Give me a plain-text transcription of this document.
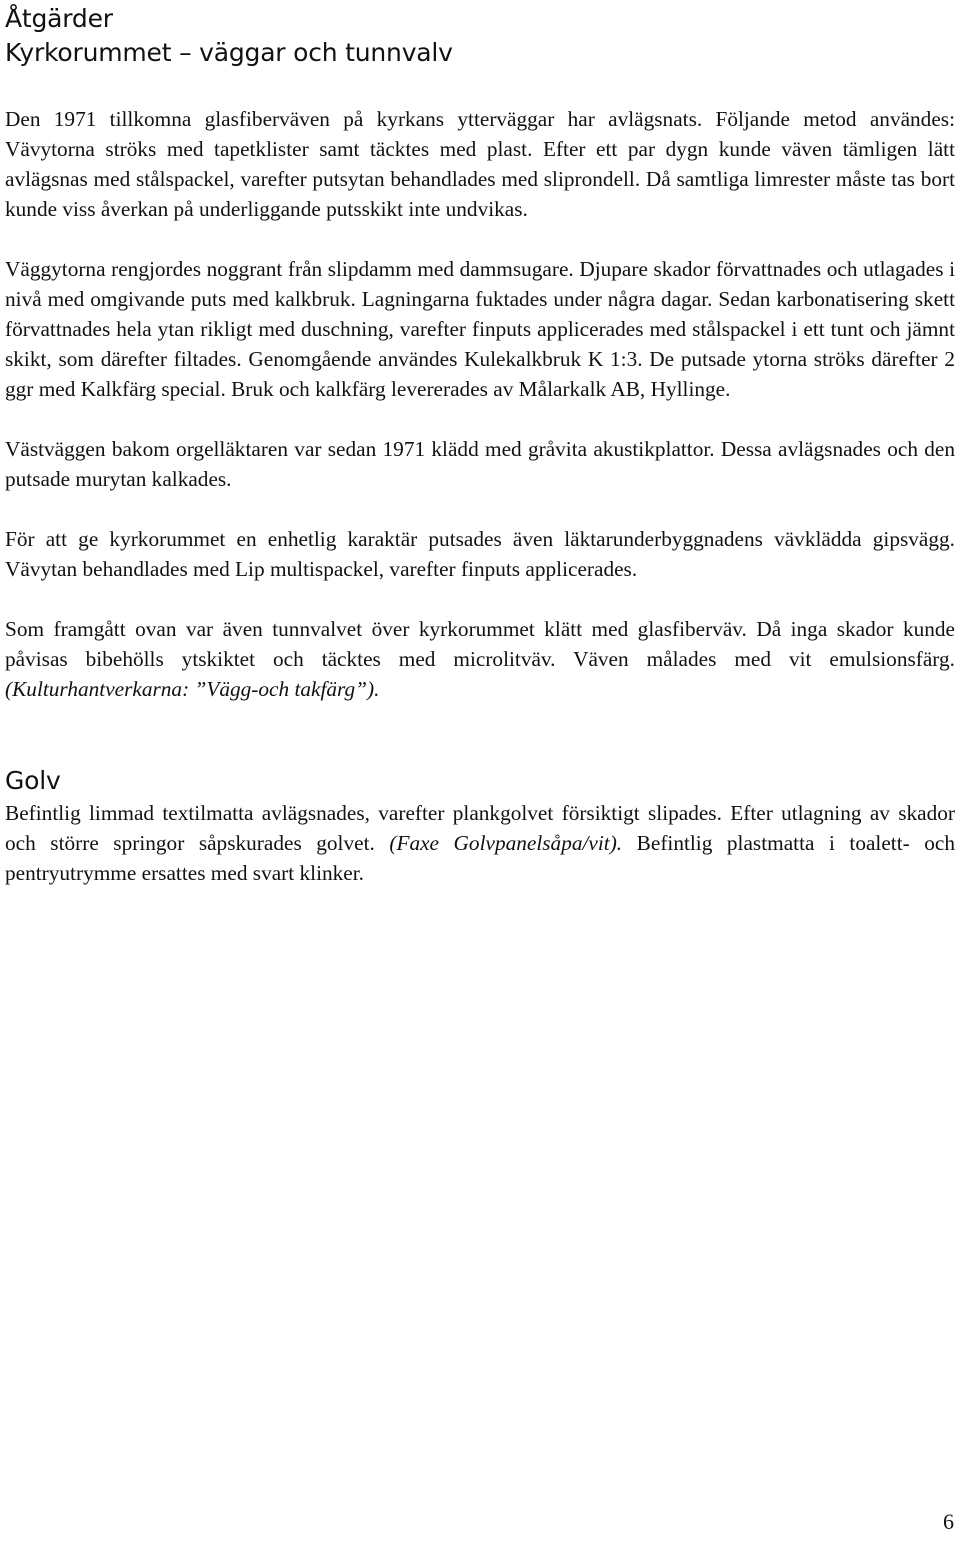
Åtgärder
Kyrkorummet – väggar och tunnvalv

Den 1971 tillkomna glasfiberväven på kyrkans ytterväggar har avlägsnats. Följande metod användes: Vävytorna ströks med tapetklister samt täcktes med plast. Efter ett par dygn kunde väven tämligen lätt avlägsnas med stålspackel, varefter putsytan behandlades med sliprondell. Då samtliga limrester måste tas bort kunde viss åverkan på underliggande putsskikt inte undvikas.

Väggytorna rengjordes noggrant från slipdamm med dammsugare. Djupare skador förvattnades och utlagades i nivå med omgivande puts med kalkbruk. Lagningarna fuktades under några dagar. Sedan karbonatisering skett förvattnades hela ytan rikligt med duschning, varefter finputs applicerades med stålspackel i ett tunt och jämnt skikt, som därefter filtades. Genomgående användes Kulekalkbruk K 1:3. De putsade ytorna ströks därefter 2 ggr med Kalkfärg special. Bruk och kalkfärg levererades av Målarkalk AB, Hyllinge.

Västväggen bakom orgelläktaren var sedan 1971 klädd med gråvita akustikplattor. Dessa avlägsnades och den putsade murytan kalkades.

För att ge kyrkorummet en enhetlig karaktär putsades även läktarunderbyggnadens vävklädda gipsvägg. Vävytan behandlades med Lip multispackel, varefter finputs applicerades.

Som framgått ovan var även tunnvalvet över kyrkorummet klätt med glasfiberväv. Då inga skador kunde påvisas bibehölls ytskiktet och täcktes med microlitväv. Väven målades med vit emulsionsfärg. (Kulturhantverkarna: ”Vägg-och takfärg”).

Golv

Befintlig limmad textilmatta avlägsnades, varefter plankgolvet försiktigt slipades. Efter utlagning av skador och större springor såpskurades golvet. (Faxe Golvpanelsåpa/vit). Befintlig plastmatta i toalett- och pentryutrymme ersattes med svart klinker.

6
